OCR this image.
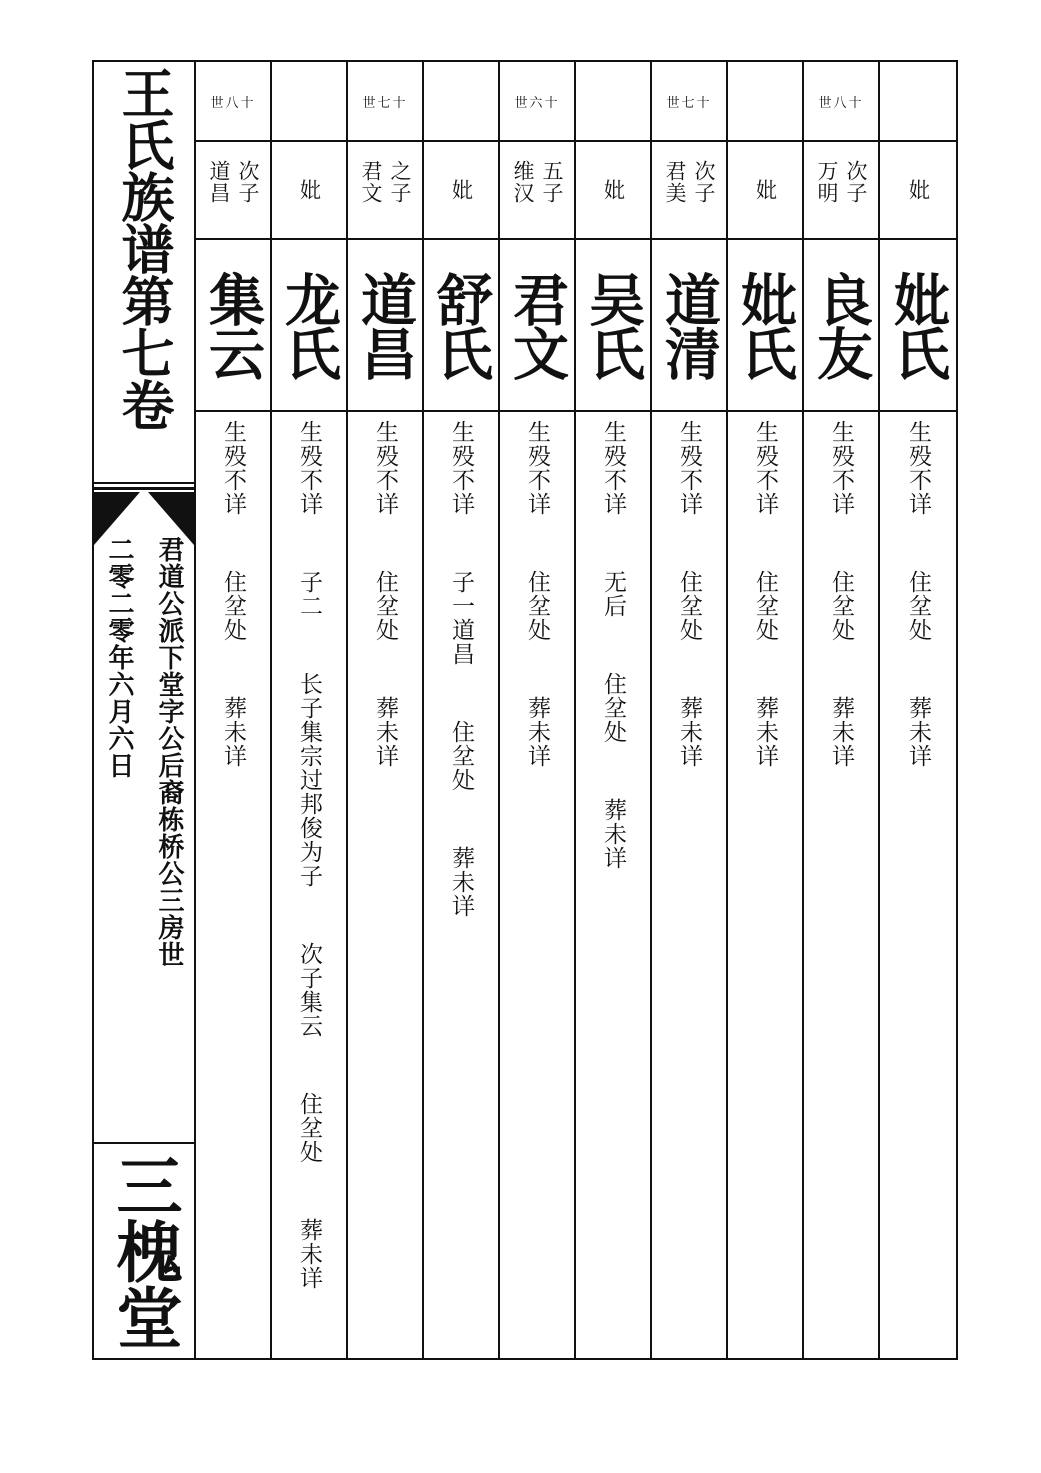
王氏族谱第七卷
君道公派下堂字公后裔栋桥公三房世
二零二零年六月六日
三槐堂
世八十
次子道昌
集云
生殁不详  住坌处  葬未详
妣
龙氏
生殁不详  子二  长子集宗过邦俊为子  次子集云  住坌处  葬未详
世七十
之子君文
道昌
生殁不详  住坌处  葬未详
妣
舒氏
生殁不详  子一道昌  住坌处  葬未详
世六十
五子维汉
君文
生殁不详  住坌处  葬未详
妣
吴氏
生殁不详  无后  住坌处  葬未详
世七十
次子君美
道清
生殁不详  住坌处  葬未详
妣
妣氏
生殁不详  住坌处  葬未详
世八十
次子万明
良友
生殁不详  住坌处  葬未详
妣
妣氏
生殁不详  住坌处  葬未详
